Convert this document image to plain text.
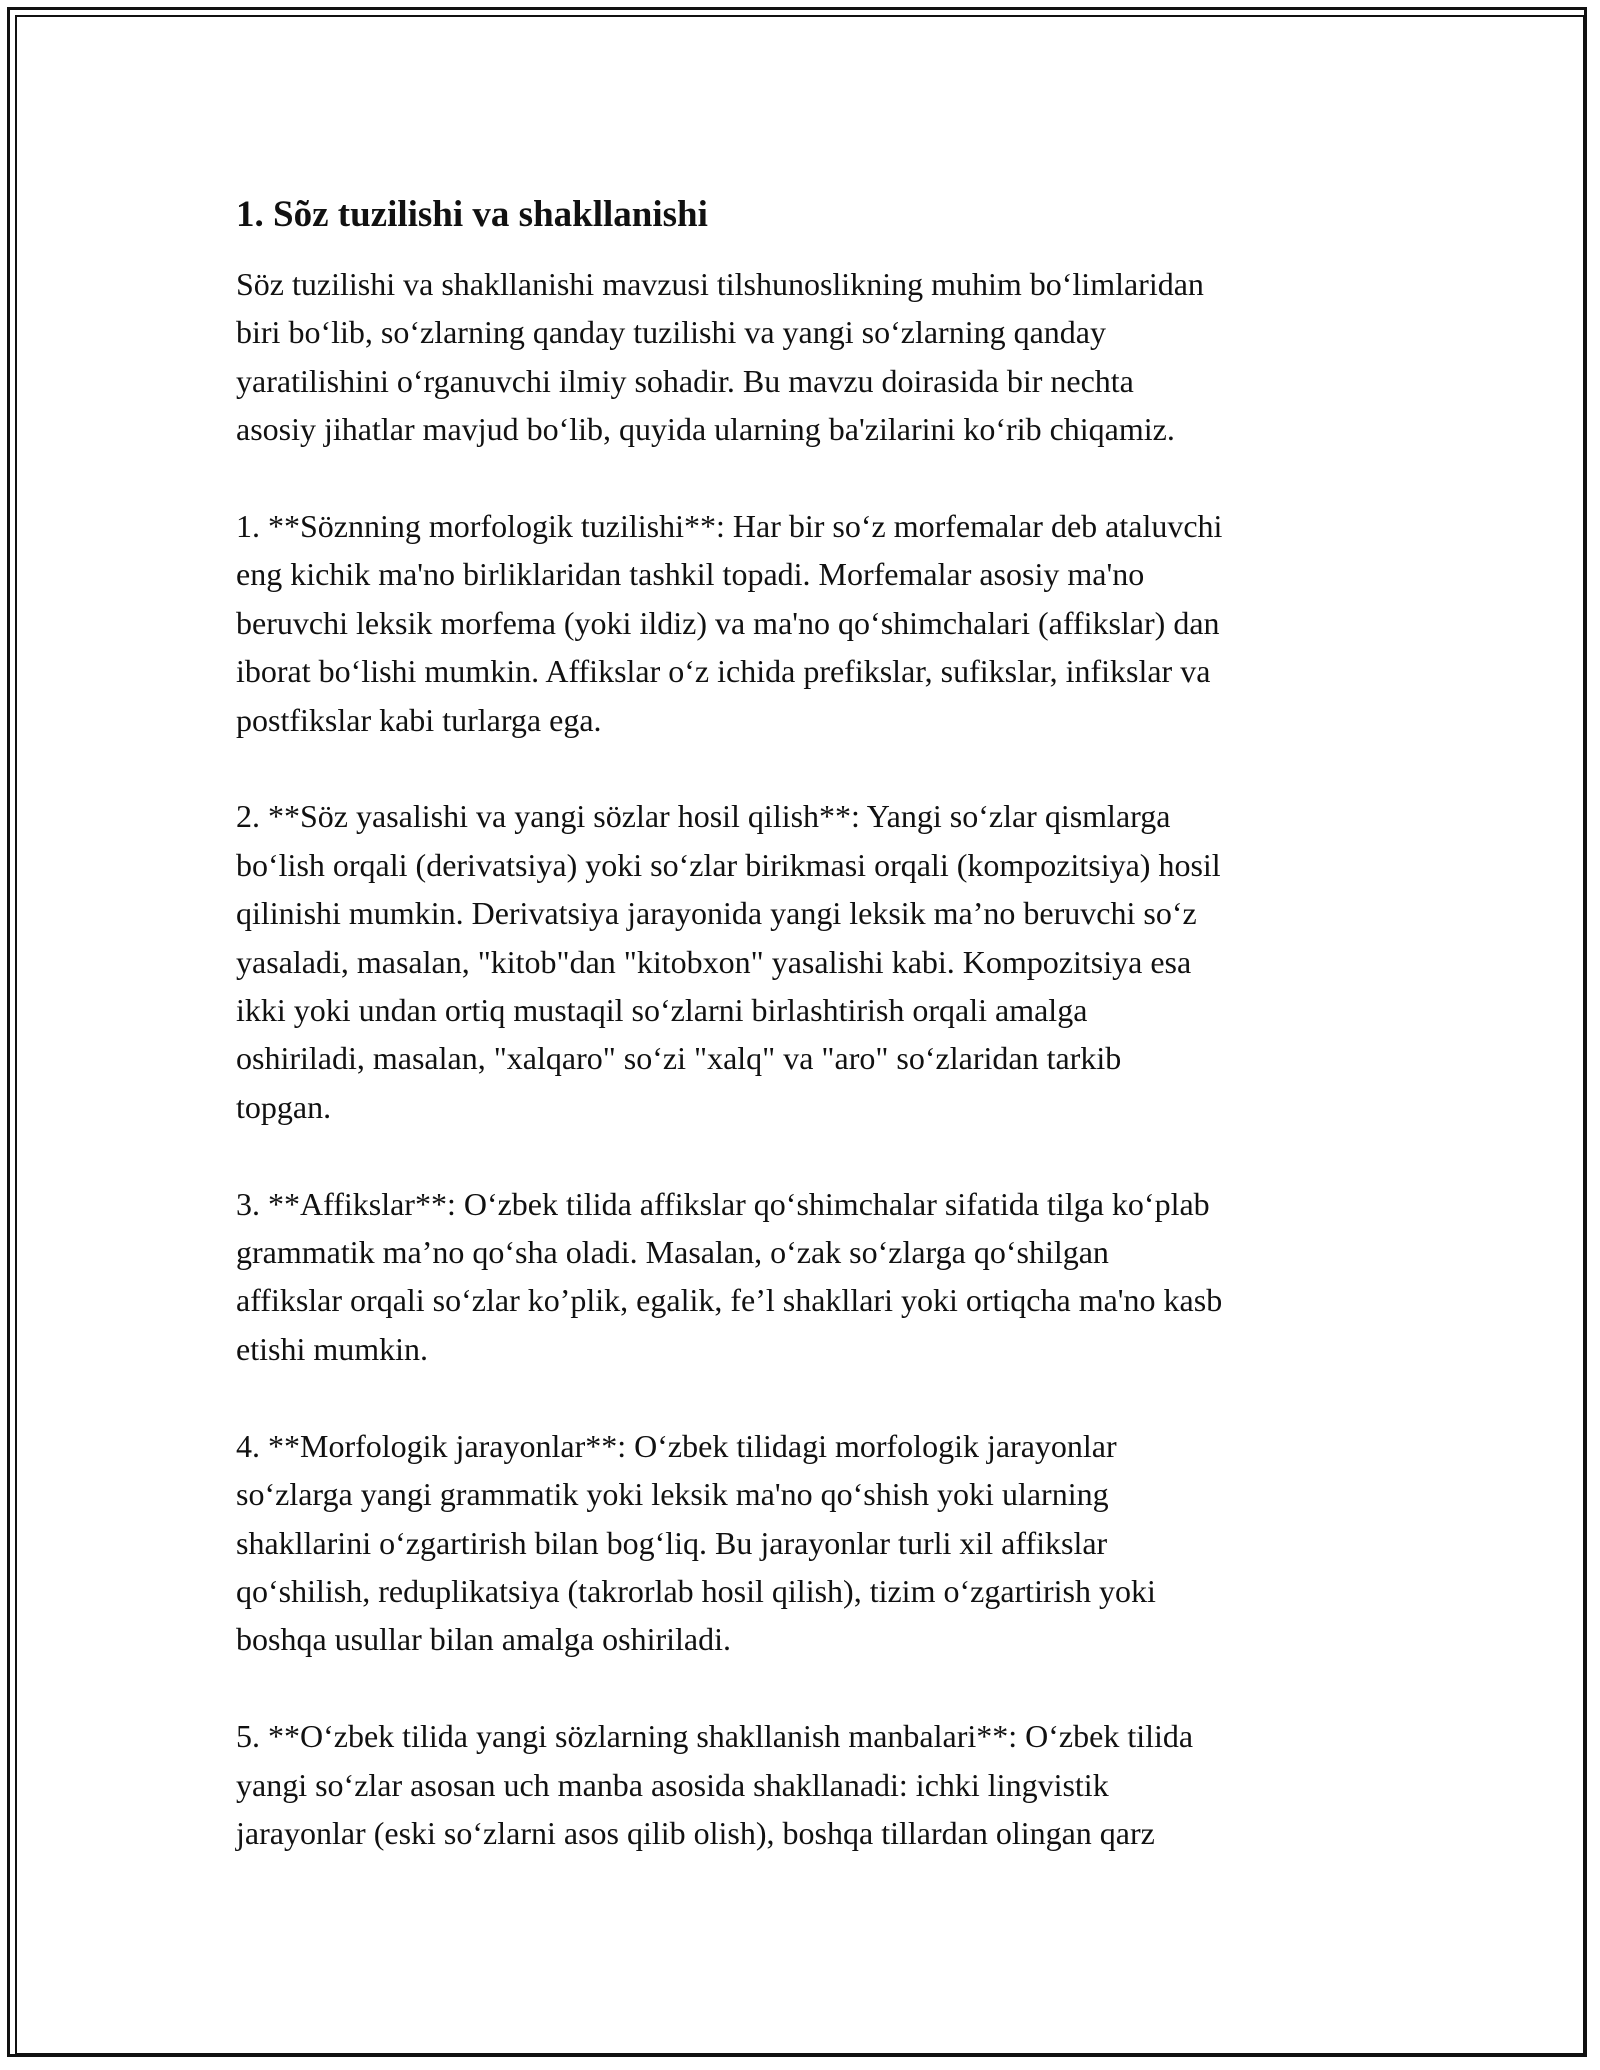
1. Sõz tuzilishi va shakllanishi

Söz tuzilishi va shakllanishi mavzusi tilshunoslikning muhim bo‘limlaridan
biri bo‘lib, so‘zlarning qanday tuzilishi va yangi so‘zlarning qanday
yaratilishini o‘rganuvchi ilmiy sohadir. Bu mavzu doirasida bir nechta
asosiy jihatlar mavjud bo‘lib, quyida ularning ba'zilarini ko‘rib chiqamiz.

1. **Söznning morfologik tuzilishi**: Har bir so‘z morfemalar deb ataluvchi
eng kichik ma'no birliklaridan tashkil topadi. Morfemalar asosiy ma'no
beruvchi leksik morfema (yoki ildiz) va ma'no qo‘shimchalari (affikslar) dan
iborat bo‘lishi mumkin. Affikslar o‘z ichida prefikslar, sufikslar, infikslar va
postfikslar kabi turlarga ega.

2. **Söz yasalishi va yangi sözlar hosil qilish**: Yangi so‘zlar qismlarga
bo‘lish orqali (derivatsiya) yoki so‘zlar birikmasi orqali (kompozitsiya) hosil
qilinishi mumkin. Derivatsiya jarayonida yangi leksik ma’no beruvchi so‘z
yasaladi, masalan, "kitob"dan "kitobxon" yasalishi kabi. Kompozitsiya esa
ikki yoki undan ortiq mustaqil so‘zlarni birlashtirish orqali amalga
oshiriladi, masalan, "xalqaro" so‘zi "xalq" va "aro" so‘zlaridan tarkib
topgan.

3. **Affikslar**: O‘zbek tilida affikslar qo‘shimchalar sifatida tilga ko‘plab
grammatik ma’no qo‘sha oladi. Masalan, o‘zak so‘zlarga qo‘shilgan
affikslar orqali so‘zlar ko’plik, egalik, fe’l shakllari yoki ortiqcha ma'no kasb
etishi mumkin.

4. **Morfologik jarayonlar**: O‘zbek tilidagi morfologik jarayonlar
so‘zlarga yangi grammatik yoki leksik ma'no qo‘shish yoki ularning
shakllarini o‘zgartirish bilan bog‘liq. Bu jarayonlar turli xil affikslar
qo‘shilish, reduplikatsiya (takrorlab hosil qilish), tizim o‘zgartirish yoki
boshqa usullar bilan amalga oshiriladi.

5. **O‘zbek tilida yangi sözlarning shakllanish manbalari**: O‘zbek tilida
yangi so‘zlar asosan uch manba asosida shakllanadi: ichki lingvistik
jarayonlar (eski so‘zlarni asos qilib olish), boshqa tillardan olingan qarz
